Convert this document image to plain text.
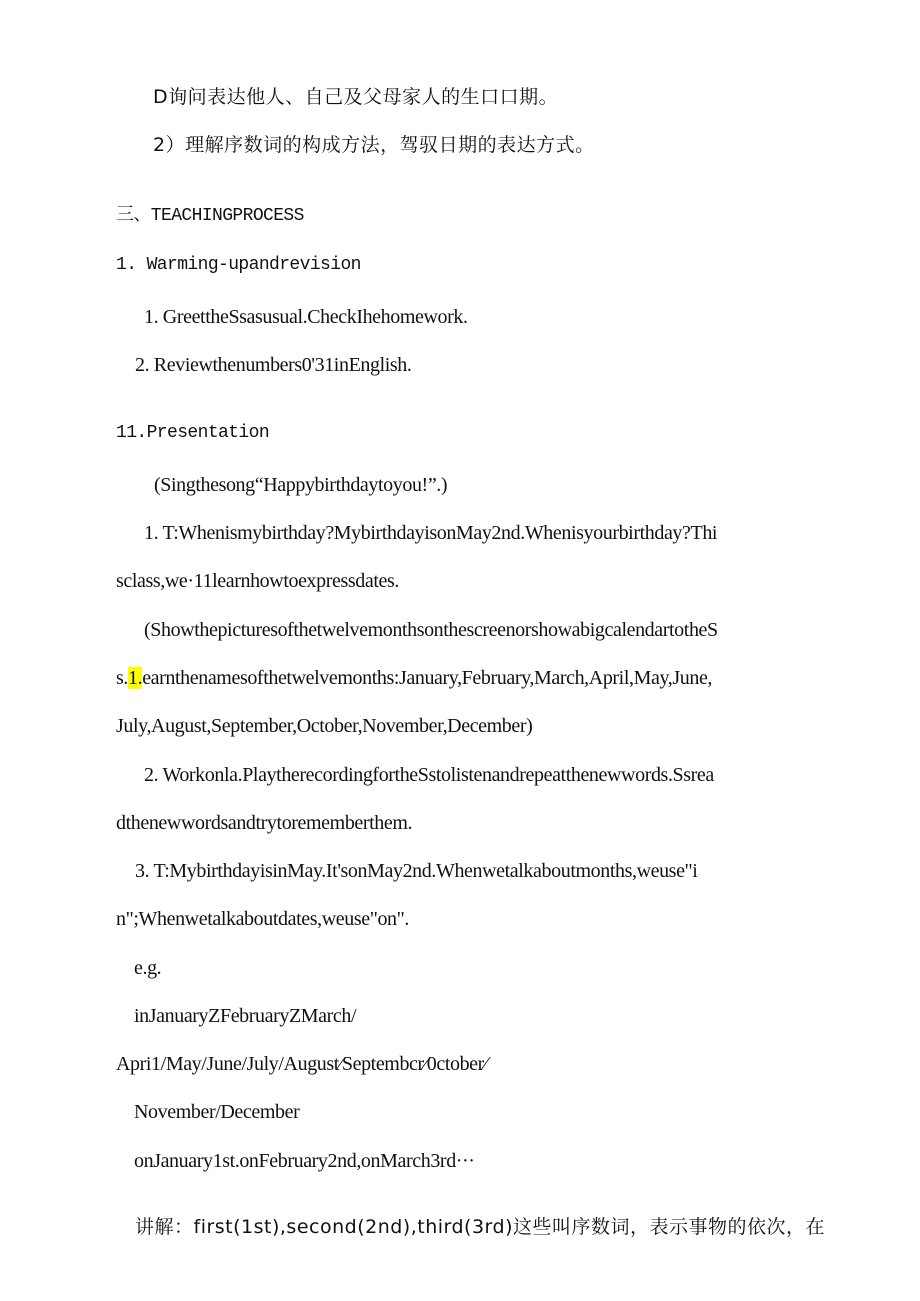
D询问表达他人、自己及父母家人的生口口期。
2）理解序数词的构成方法，驾驭日期的表达方式。
三、TEACHINGPROCESS
1. Warming-upandrevision
1. GreettheSsasusual.CheckIhehomework.
2. Reviewthenumbers0'31inEnglish.
11.Presentation
(Singthesong“Happybirthdaytoyou!”.)
1. T:Whenismybirthday?MybirthdayisonMay2nd.Whenisyourbirthday?Thi
sclass,we·11learnhowtoexpressdates.
(ShowthepicturesofthetwelvemonthsonthescreenorshowabigcalendartotheS
s.1.earnthenamesofthetwelvemonths:January,February,March,April,May,June,
July,August,September,October,November,December)
2. Workonla.PlaytherecordingfortheSstolistenandrepeatthenewwords.Ssrea
dthenewwordsandtrytorememberthem.
3. T:MybirthdayisinMay.It'sonMay2nd.Whenwetalkaboutmonths,weuse"i
n";Whenwetalkaboutdates,weuse"on".
e.g.
inJanuaryZFebruaryZMarch/
Apri1/May/June/July/August⁄Septembcr⁄0ctober⁄
November/December
onJanuary1st.onFebruary2nd,onMarch3rd···
讲解：first(1st),second(2nd),third(3rd)这些叫序数词，表示事物的依次，在
